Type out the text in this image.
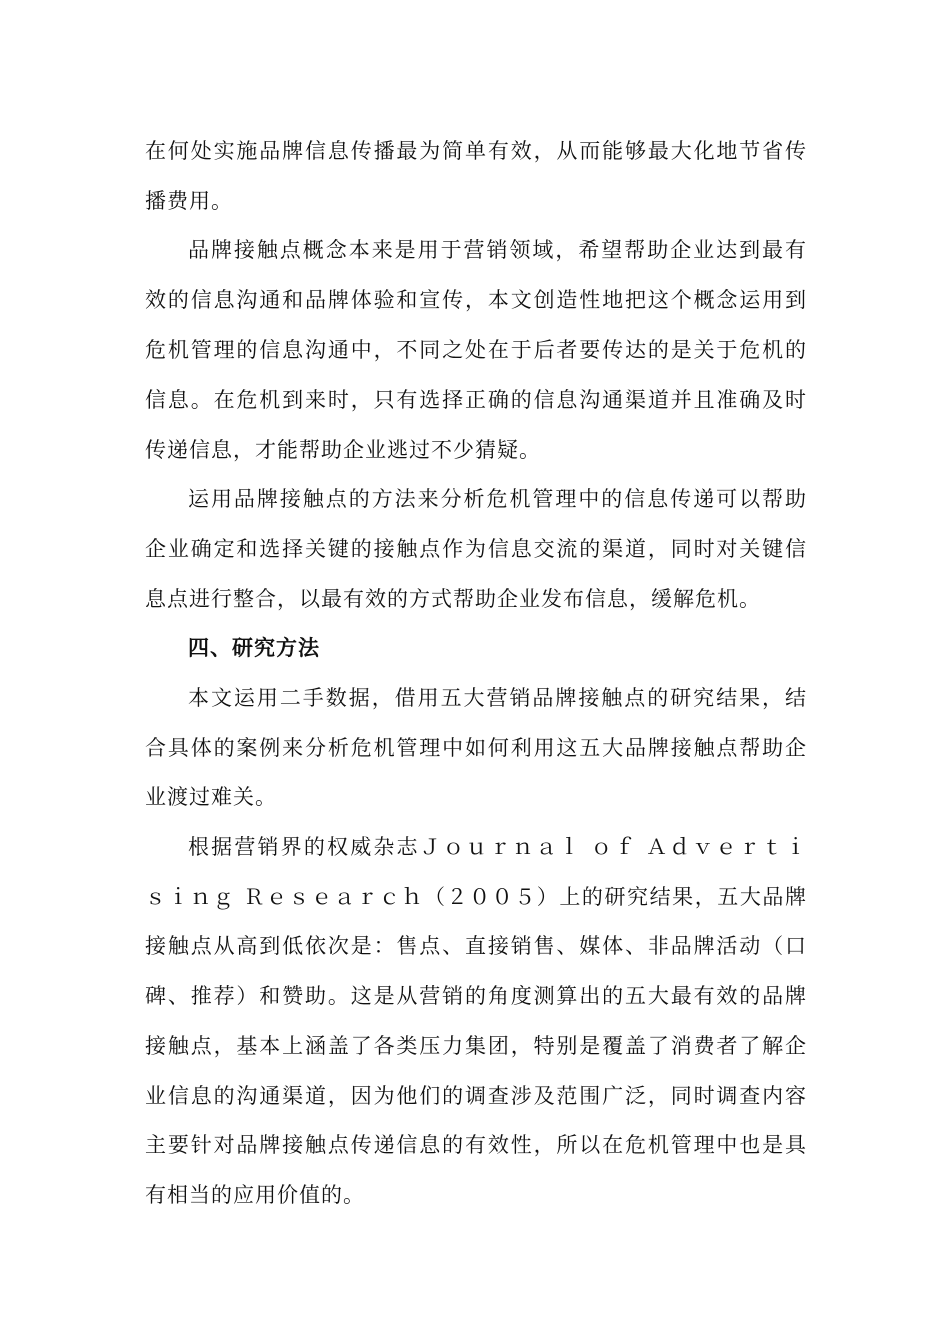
在何处实施品牌信息传播最为简单有效，从而能够最大化地节省传
播费用。
品牌接触点概念本来是用于营销领域，希望帮助企业达到最有
效的信息沟通和品牌体验和宣传，本文创造性地把这个概念运用到
危机管理的信息沟通中，不同之处在于后者要传达的是关于危机的
信息。在危机到来时，只有选择正确的信息沟通渠道并且准确及时
传递信息，才能帮助企业逃过不少猜疑。
运用品牌接触点的方法来分析危机管理中的信息传递可以帮助
企业确定和选择关键的接触点作为信息交流的渠道，同时对关键信
息点进行整合，以最有效的方式帮助企业发布信息，缓解危机。
四、研究方法
本文运用二手数据，借用五大营销品牌接触点的研究结果，结
合具体的案例来分析危机管理中如何利用这五大品牌接触点帮助企
业渡过难关。
根据营销界的权威杂志Ｊｏｕｒｎａｌ ｏｆ Ａｄｖｅｒｔｉ
ｓｉｎｇ Ｒｅｓｅａｒｃｈ（２００５）上的研究结果，五大品牌
接触点从高到低依次是：售点、直接销售、媒体、非品牌活动（口
碑、推荐）和赞助。这是从营销的角度测算出的五大最有效的品牌
接触点，基本上涵盖了各类压力集团，特别是覆盖了消费者了解企
业信息的沟通渠道，因为他们的调查涉及范围广泛，同时调查内容
主要针对品牌接触点传递信息的有效性，所以在危机管理中也是具
有相当的应用价值的。
